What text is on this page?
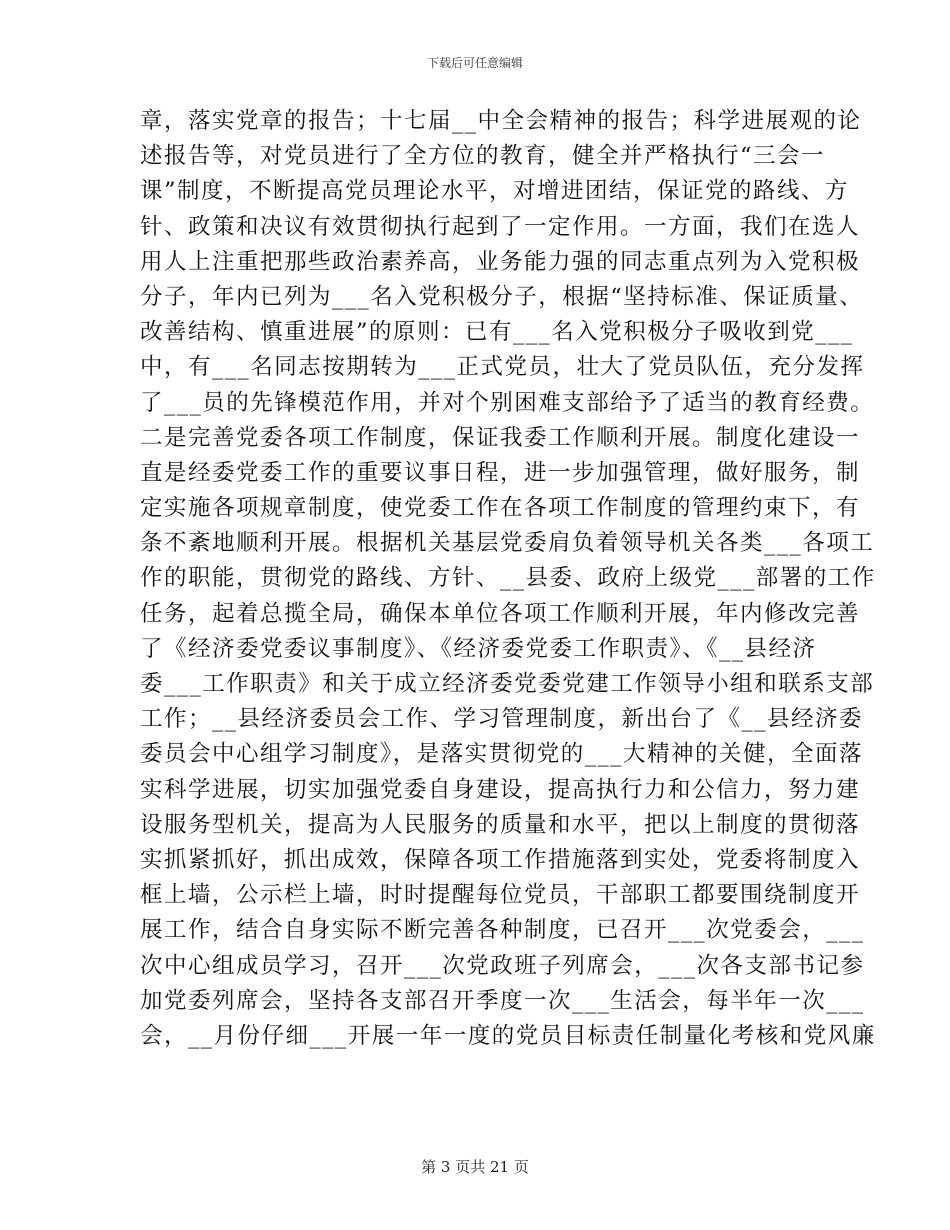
下载后可任意编辑
章，落实党章的报告；十七届__中全会精神的报告；科学进展观的论
述报告等，对党员进行了全方位的教育，健全并严格执行“三会一
课”制度，不断提高党员理论水平，对增进团结，保证党的路线、方
针、政策和决议有效贯彻执行起到了一定作用。一方面，我们在选人
用人上注重把那些政治素养高，业务能力强的同志重点列为入党积极
分子，年内已列为___名入党积极分子，根据“坚持标准、保证质量、
改善结构、慎重进展”的原则：已有___名入党积极分子吸收到党___
中，有___名同志按期转为___正式党员，壮大了党员队伍，充分发挥
了___员的先锋模范作用，并对个别困难支部给予了适当的教育经费。
二是完善党委各项工作制度，保证我委工作顺利开展。制度化建设一
直是经委党委工作的重要议事日程，进一步加强管理，做好服务，制
定实施各项规章制度，使党委工作在各项工作制度的管理约束下，有
条不紊地顺利开展。根据机关基层党委肩负着领导机关各类___各项工
作的职能，贯彻党的路线、方针、__县委、政府上级党___部署的工作
任务，起着总揽全局，确保本单位各项工作顺利开展，年内修改完善
了《经济委党委议事制度》、《经济委党委工作职责》、《__县经济
委___工作职责》和关于成立经济委党委党建工作领导小组和联系支部
工作；__县经济委员会工作、学习管理制度，新出台了《__县经济委
委员会中心组学习制度》，是落实贯彻党的___大精神的关健，全面落
实科学进展，切实加强党委自身建设，提高执行力和公信力，努力建
设服务型机关，提高为人民服务的质量和水平，把以上制度的贯彻落
实抓紧抓好，抓出成效，保障各项工作措施落到实处，党委将制度入
框上墙，公示栏上墙，时时提醒每位党员，干部职工都要围绕制度开
展工作，结合自身实际不断完善各种制度，已召开___次党委会，___
次中心组成员学习，召开___次党政班子列席会，___次各支部书记参
加党委列席会，坚持各支部召开季度一次___生活会，每半年一次___
会，__月份仔细___开展一年一度的党员目标责任制量化考核和党风廉
第 3 页共 21 页
